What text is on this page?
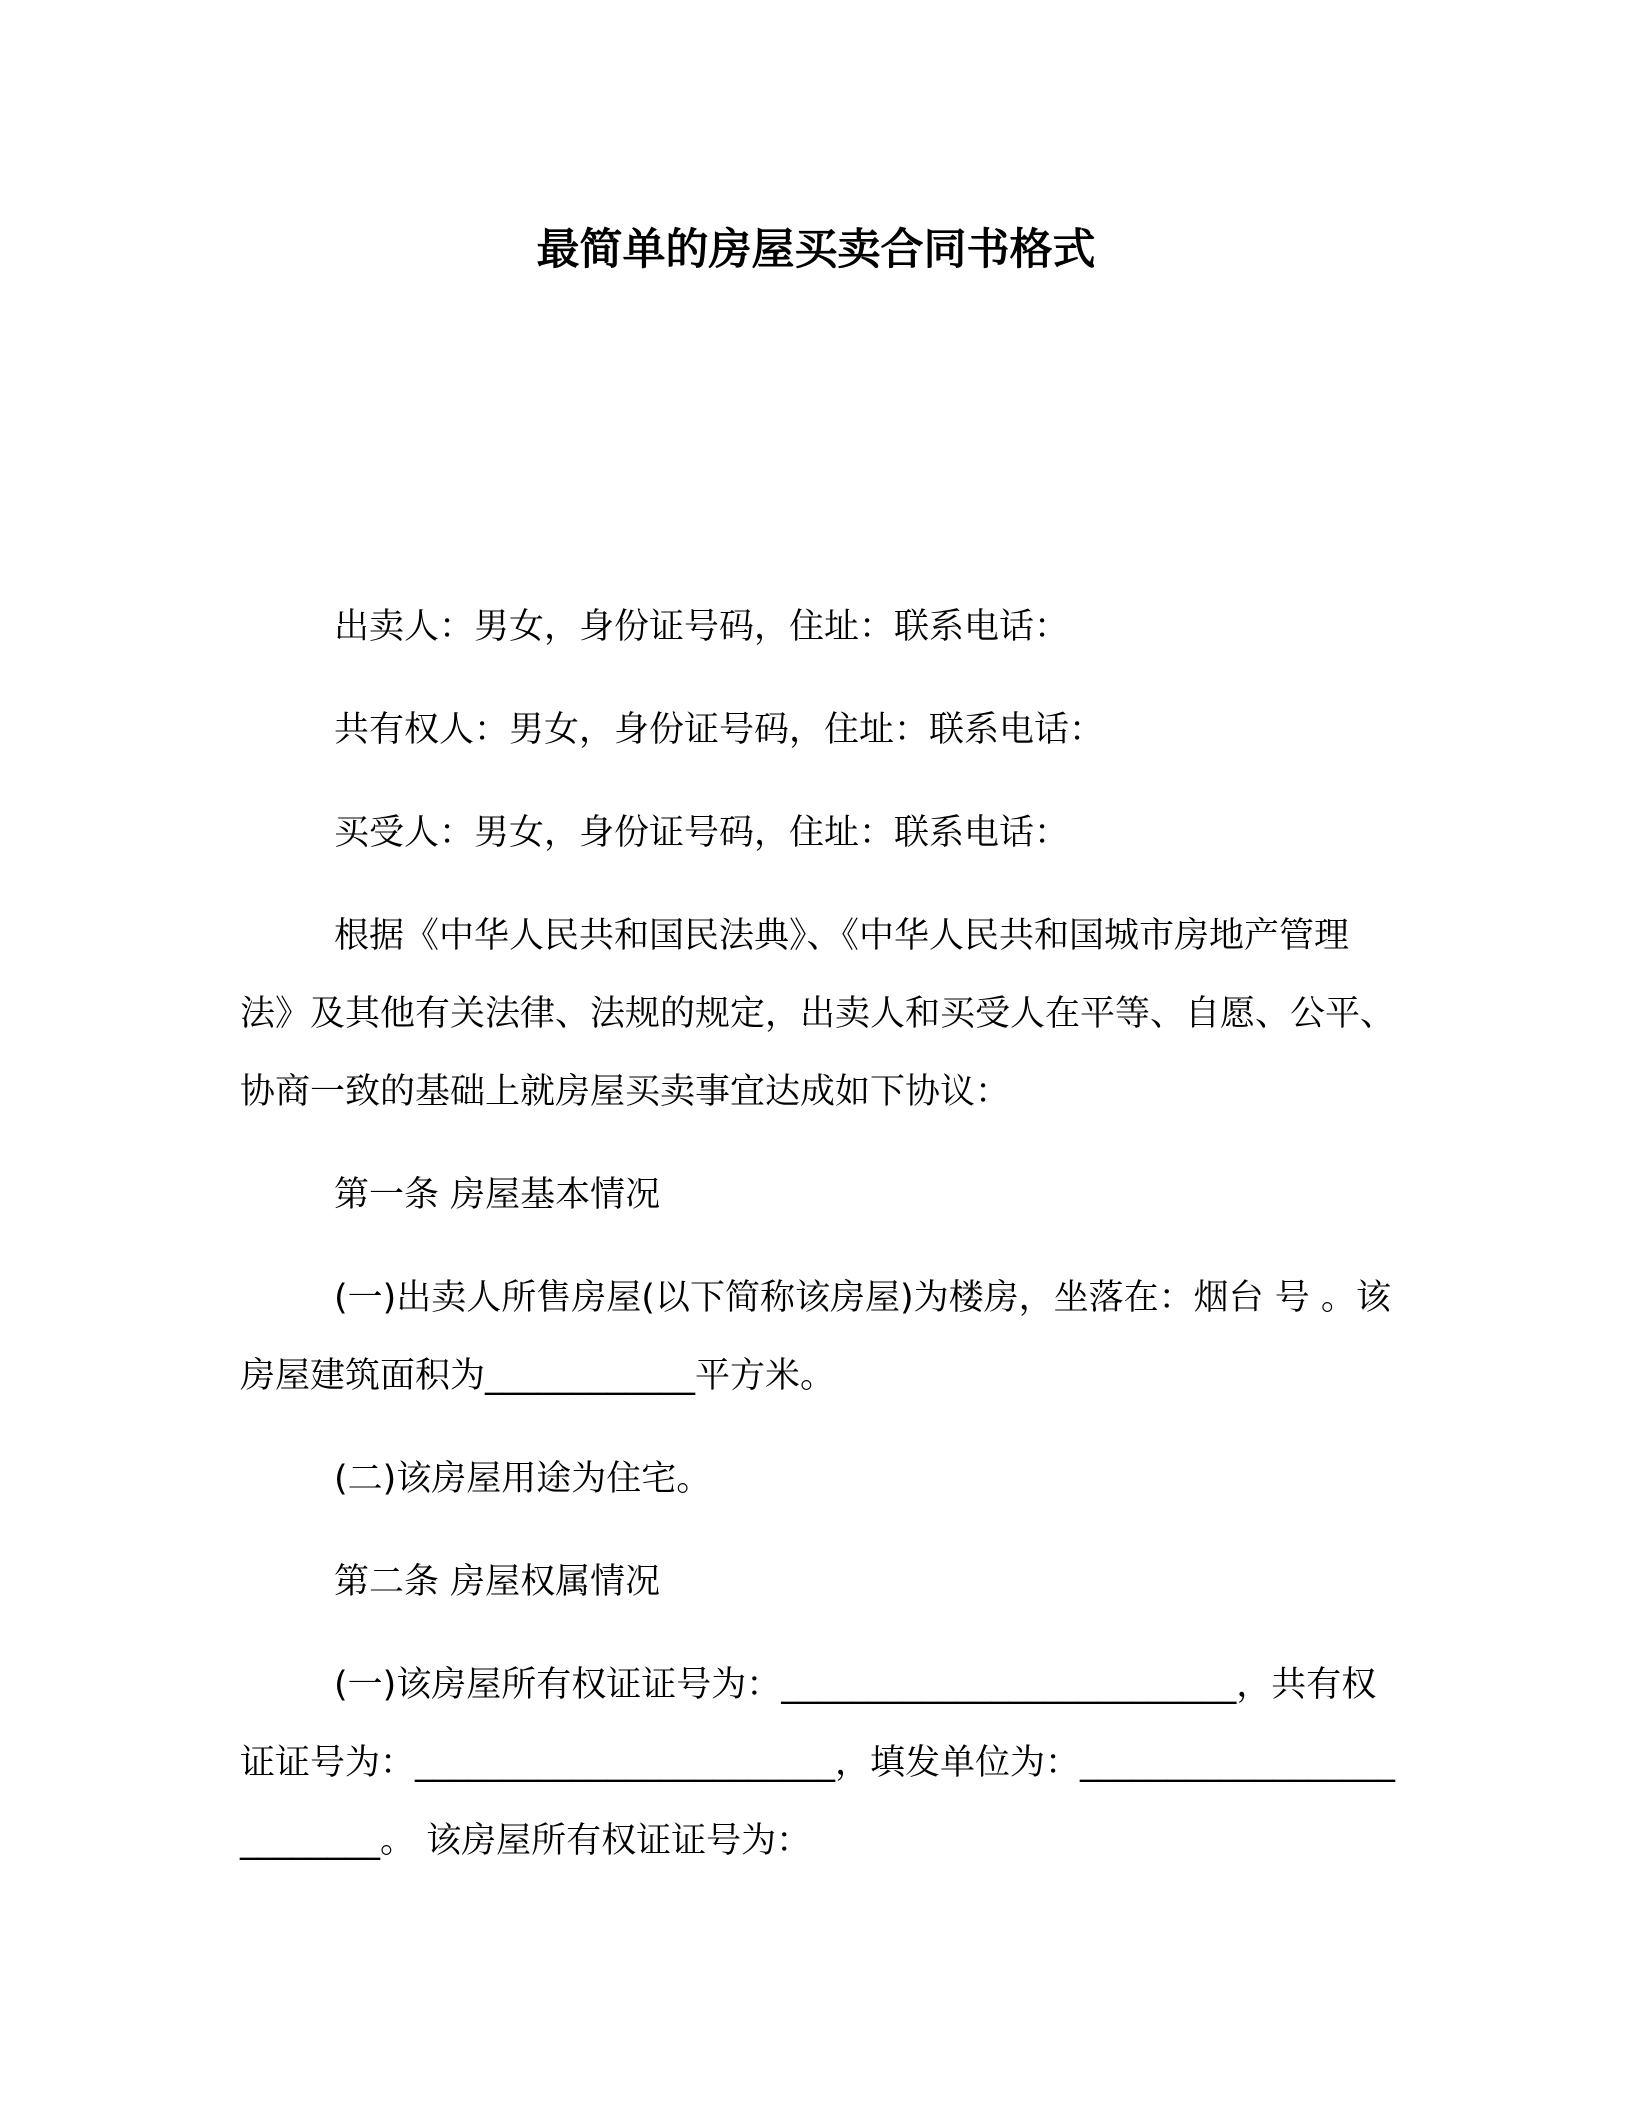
最简单的房屋买卖合同书格式

出卖人：男女，身份证号码，住址：联系电话：

共有权人：男女，身份证号码，住址：联系电话：

买受人：男女，身份证号码，住址：联系电话：

根据《中华人民共和国民法典》、《中华人民共和国城市房地产管理法》及其他有关法律、法规的规定，出卖人和买受人在平等、自愿、公平、协商一致的基础上就房屋买卖事宜达成如下协议：

第一条 房屋基本情况

(一)出卖人所售房屋(以下简称该房屋)为楼房，坐落在：烟台 号 。该房屋建筑面积为____________平方米。

(二)该房屋用途为住宅。

第二条 房屋权属情况

(一)该房屋所有权证证号为：__________________________，共有权证证号为：________________________，填发单位为：__________________________。 该房屋所有权证证号为：
